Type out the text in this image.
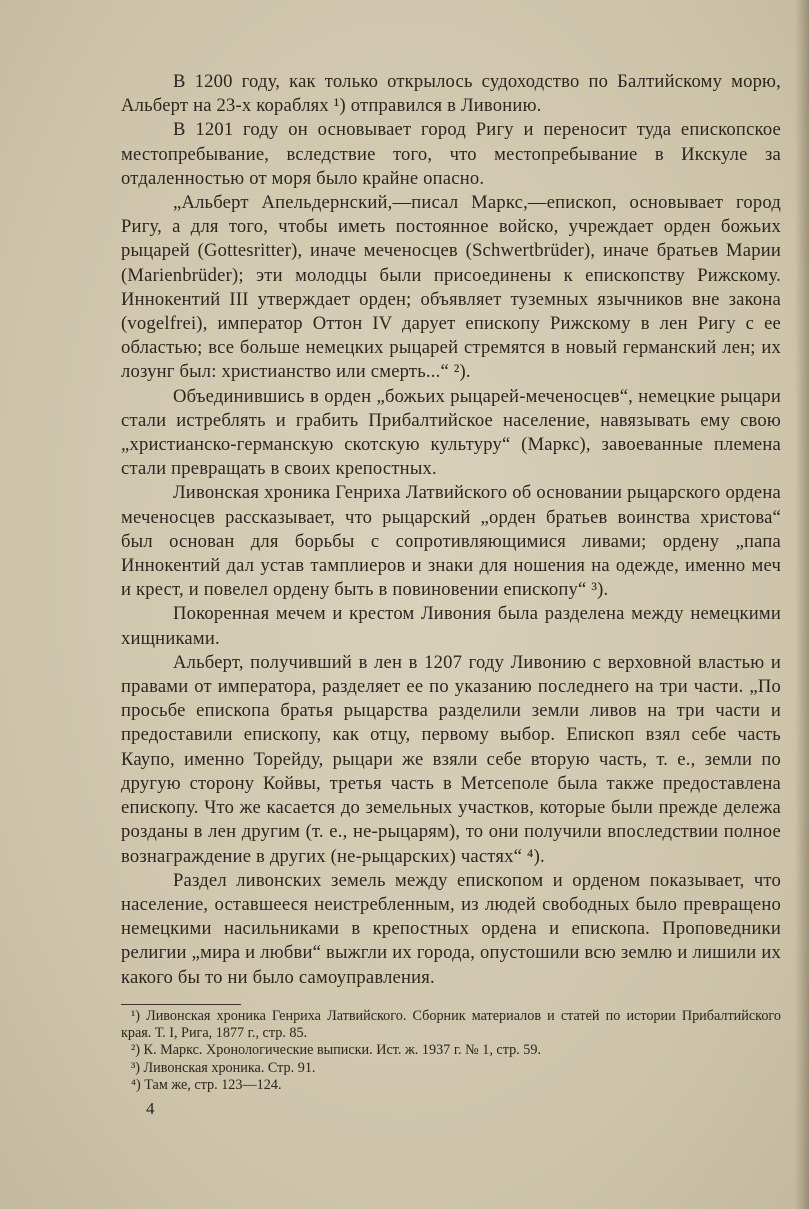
В 1200 году, как только открылось судоходство по Балтийскому морю, Альберт на 23-х кораблях ¹) отправился в Ливонию.

В 1201 году он основывает город Ригу и переносит туда епископское местопребывание, вследствие того, что местопребывание в Икскуле за отдаленностью от моря было крайне опасно.

„Альберт Апельдернский,—писал Маркс,—епископ, основывает город Ригу, а для того, чтобы иметь постоянное войско, учреждает орден божьих рыцарей (Gottesritter), иначе меченосцев (Schwertbrüder), иначе братьев Марии (Marienbrüder); эти молодцы были присоединены к епископству Рижскому. Иннокентий III утверждает орден; объявляет туземных язычников вне закона (vogelfrei), император Оттон IV дарует епископу Рижскому в лен Ригу с ее областью; все больше немецких рыцарей стремятся в новый германский лен; их лозунг был: христианство или смерть...“ ²).

Объединившись в орден „божьих рыцарей-меченосцев“, немецкие рыцари стали истреблять и грабить Прибалтийское население, навязывать ему свою „христианско-германскую скотскую культуру“ (Маркс), завоеванные племена стали превращать в своих крепостных.

Ливонская хроника Генриха Латвийского об основании рыцарского ордена меченосцев рассказывает, что рыцарский „орден братьев воинства христова“ был основан для борьбы с сопротивляющимися ливами; ордену „папа Иннокентий дал устав тамплиеров и знаки для ношения на одежде, именно меч и крест, и повелел ордену быть в повиновении епископу“ ³).

Покоренная мечем и крестом Ливония была разделена между немецкими хищниками.

Альберт, получивший в лен в 1207 году Ливонию с верховной властью и правами от императора, разделяет ее по указанию последнего на три части. „По просьбе епископа братья рыцарства разделили земли ливов на три части и предоставили епископу, как отцу, первому выбор. Епископ взял себе часть Каупо, именно Торейду, рыцари же взяли себе вторую часть, т. е., земли по другую сторону Койвы, третья часть в Метсеполе была также предоставлена епископу. Что же касается до земельных участков, которые были прежде дележа розданы в лен другим (т. е., не-рыцарям), то они получили впоследствии полное вознаграждение в других (не-рыцарских) частях“ ⁴).

Раздел ливонских земель между епископом и орденом показывает, что население, оставшееся неистребленным, из людей свободных было превращено немецкими насильниками в крепостных ордена и епископа. Проповедники религии „мира и любви“ выжгли их города, опустошили всю землю и лишили их какого бы то ни было самоуправления.

¹) Ливонская хроника Генриха Латвийского. Сборник материалов и статей по истории Прибалтийского края. Т. I, Рига, 1877 г., стр. 85.

²) К. Маркс. Хронологические выписки. Ист. ж. 1937 г. № 1, стр. 59.

³) Ливонская хроника. Стр. 91.

⁴) Там же, стр. 123—124.

4
